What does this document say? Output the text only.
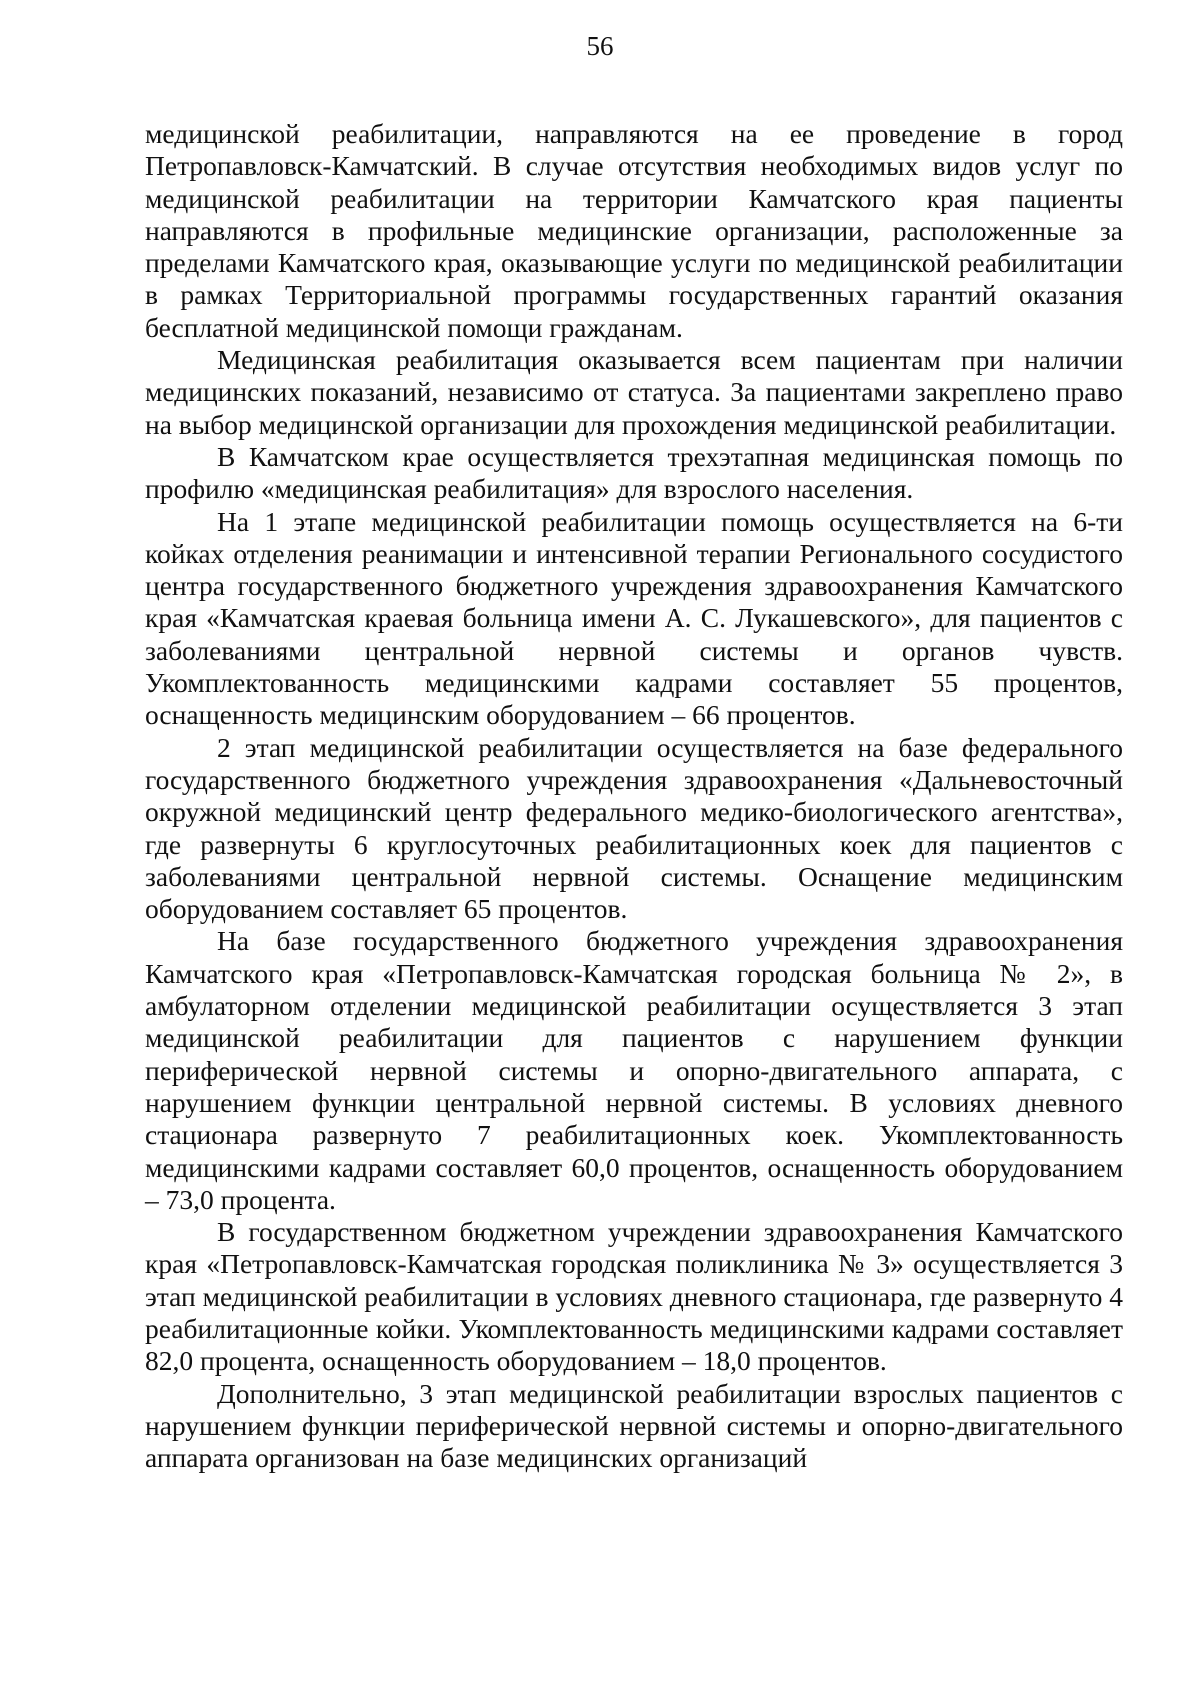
56

медицинской реабилитации, направляются на ее проведение в город Петропавловск-Камчатский. В случае отсутствия необходимых видов услуг по медицинской реабилитации на территории Камчатского края пациенты направляются в профильные медицинские организации, расположенные за пределами Камчатского края, оказывающие услуги по медицинской реабилитации в рамках Территориальной программы государственных гарантий оказания бесплатной медицинской помощи гражданам.

Медицинская реабилитация оказывается всем пациентам при наличии медицинских показаний, независимо от статуса. За пациентами закреплено право на выбор медицинской организации для прохождения медицинской реабилитации.

В Камчатском крае осуществляется трехэтапная медицинская помощь по профилю «медицинская реабилитация» для взрослого населения.

На 1 этапе медицинской реабилитации помощь осуществляется на 6-ти койках отделения реанимации и интенсивной терапии Регионального сосудистого центра государственного бюджетного учреждения здравоохранения Камчатского края «Камчатская краевая больница имени А. С. Лукашевского», для пациентов с заболеваниями центральной нервной системы и органов чувств. Укомплектованность медицинскими кадрами составляет 55 процентов, оснащенность медицинским оборудованием – 66 процентов.

2 этап медицинской реабилитации осуществляется на базе федерального государственного бюджетного учреждения здравоохранения «Дальневосточный окружной медицинский центр федерального медико-биологического агентства», где развернуты 6 круглосуточных реабилитационных коек для пациентов с заболеваниями центральной нервной системы. Оснащение медицинским оборудованием составляет 65 процентов.

На базе государственного бюджетного учреждения здравоохранения Камчатского края «Петропавловск-Камчатская городская больница № 2», в амбулаторном отделении медицинской реабилитации осуществляется 3 этап медицинской реабилитации для пациентов с нарушением функции периферической нервной системы и опорно-двигательного аппарата, с нарушением функции центральной нервной системы. В условиях дневного стационара развернуто 7 реабилитационных коек. Укомплектованность медицинскими кадрами составляет 60,0 процентов, оснащенность оборудованием – 73,0 процента.

В государственном бюджетном учреждении здравоохранения Камчатского края «Петропавловск-Камчатская городская поликлиника № 3» осуществляется 3 этап медицинской реабилитации в условиях дневного стационара, где развернуто 4 реабилитационные койки. Укомплектованность медицинскими кадрами составляет 82,0 процента, оснащенность оборудованием – 18,0 процентов.

Дополнительно, 3 этап медицинской реабилитации взрослых пациентов с нарушением функции периферической нервной системы и опорно-двигательного аппарата организован на базе медицинских организаций
